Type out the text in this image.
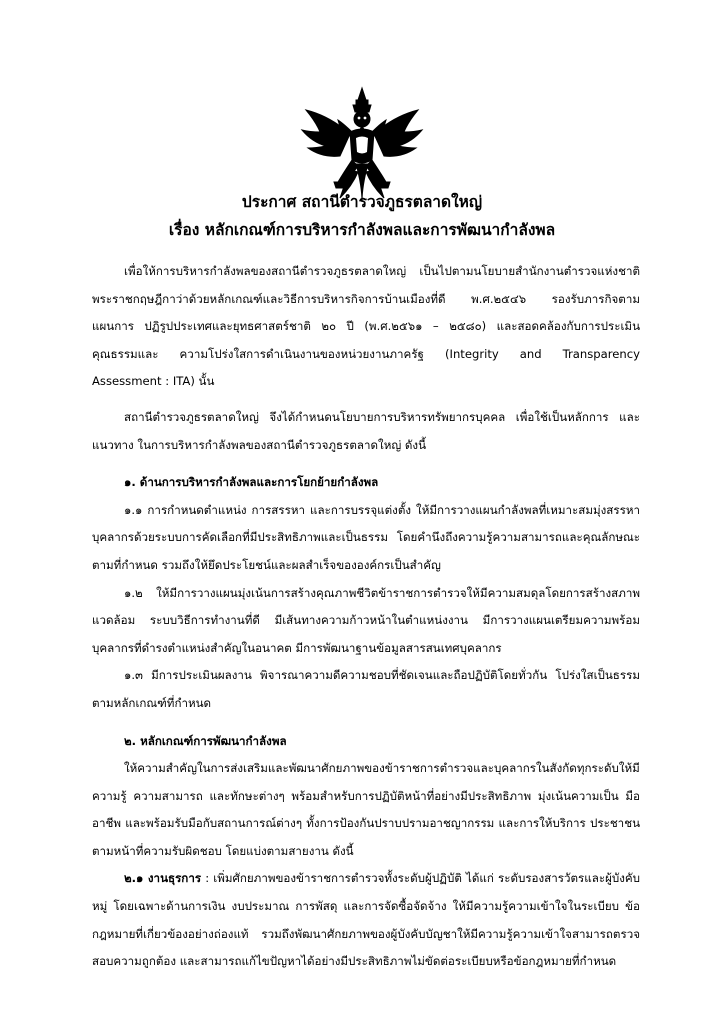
ประกาศ สถานีตำรวจภูธรตลาดใหญ่
เรื่อง หลักเกณฑ์การบริหารกำลังพลและการพัฒนากำลังพล

เพื่อให้การบริหารกำลังพลของสถานีตำรวจภูธรตลาดใหญ่ เป็นไปตามนโยบายสำนักงานตำรวจแห่งชาติ พระราชกฤษฎีกาว่าด้วยหลักเกณฑ์และวิธีการบริหารกิจการบ้านเมืองที่ดี พ.ศ.๒๕๔๖ รองรับภารกิจตาม แผนการ ปฏิรูปประเทศและยุทธศาสตร์ชาติ ๒๐ ปี (พ.ศ.๒๕๖๑ – ๒๕๘๐) และสอดคล้องกับการประเมิน คุณธรรมและ ความโปร่งใสการดำเนินงานของหน่วยงานภาครัฐ (Integrity and Transparency Assessment : ITA) นั้น

สถานีตำรวจภูธรตลาดใหญ่ จึงได้กำหนดนโยบายการบริหารทรัพยากรบุคคล เพื่อใช้เป็นหลักการ และ แนวทาง ในการบริหารกำลังพลของสถานีตำรวจภูธรตลาดใหญ่ ดังนี้

๑. ด้านการบริหารกำลังพลและการโยกย้ายกำลังพล

๑.๑ การกำหนดตำแหน่ง การสรรหา และการบรรจุแต่งตั้ง ให้มีการวางแผนกำลังพลที่เหมาะสมมุ่งสรรหาบุคลากรด้วยระบบการคัดเลือกที่มีประสิทธิภาพและเป็นธรรม โดยคำนึงถึงความรู้ความสามารถและคุณลักษณะตามที่กำหนด รวมถึงให้ยึดประโยชน์และผลสำเร็จขององค์กรเป็นสำคัญ

๑.๒ ให้มีการวางแผนมุ่งเน้นการสร้างคุณภาพชีวิตข้าราชการตำรวจให้มีความสมดุลโดยการสร้างสภาพแวดล้อม ระบบวิธีการทำงานที่ดี มีเส้นทางความก้าวหน้าในตำแหน่งงาน มีการวางแผนเตรียมความพร้อม บุคลากรที่ดำรงตำแหน่งสำคัญในอนาคต มีการพัฒนาฐานข้อมูลสารสนเทศบุคลากร

๑.๓ มีการประเมินผลงาน พิจารณาความดีความชอบที่ชัดเจนและถือปฏิบัติโดยทั่วกัน โปร่งใสเป็นธรรม ตามหลักเกณฑ์ที่กำหนด

๒. หลักเกณฑ์การพัฒนากำลังพล

ให้ความสำคัญในการส่งเสริมและพัฒนาศักยภาพของข้าราชการตำรวจและบุคลากรในสังกัดทุกระดับให้มีความรู้ ความสามารถ และทักษะต่างๆ พร้อมสำหรับการปฏิบัติหน้าที่อย่างมีประสิทธิภาพ มุ่งเน้นความเป็น มืออาชีพ และพร้อมรับมือกับสถานการณ์ต่างๆ ทั้งการป้องกันปราบปรามอาชญากรรม และการให้บริการ ประชาชน ตามหน้าที่ความรับผิดชอบ โดยแบ่งตามสายงาน ดังนี้

๒.๑ งานธุรการ : เพิ่มศักยภาพของข้าราชการตำรวจทั้งระดับผู้ปฏิบัติ ได้แก่ ระดับรองสารวัตรและผู้บังคับหมู่ โดยเฉพาะด้านการเงิน งบประมาณ การพัสดุ และการจัดซื้อจัดจ้าง ให้มีความรู้ความเข้าใจในระเบียบ ข้อกฎหมายที่เกี่ยวข้องอย่างถ่องแท้ รวมถึงพัฒนาศักยภาพของผู้บังคับบัญชาให้มีความรู้ความเข้าใจสามารถตรวจสอบความถูกต้อง และสามารถแก้ไขปัญหาได้อย่างมีประสิทธิภาพไม่ขัดต่อระเบียบหรือข้อกฎหมายที่กำหนด
